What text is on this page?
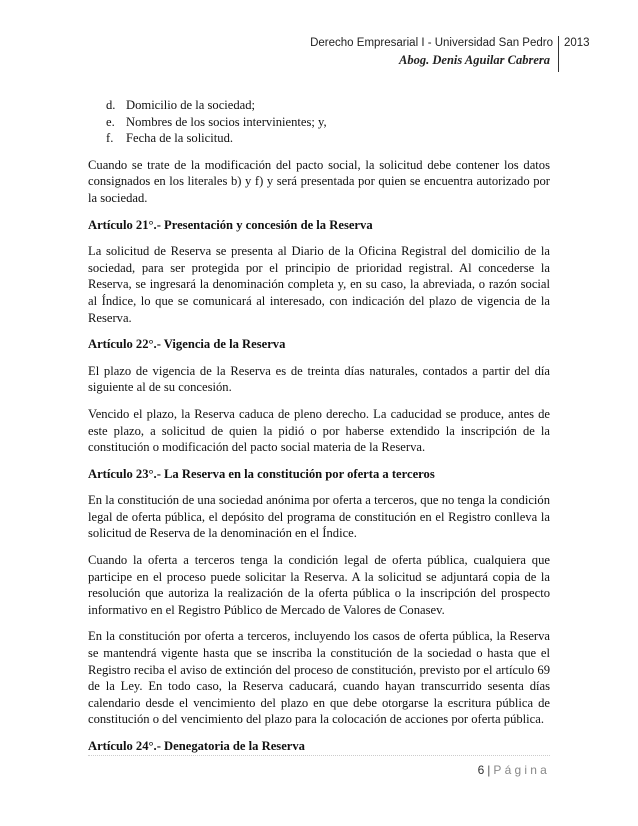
Derecho Empresarial I - Universidad San Pedro
Abog. Denis Aguilar Cabrera
2013
d. Domicilio de la sociedad;
e. Nombres de los socios intervinientes; y,
f.	Fecha de la solicitud.

Cuando se trate de la modificación del pacto social, la solicitud debe contener los datos consignados en los literales b) y f) y será presentada por quien se encuentra autorizado por la sociedad.

Artículo 21°.- Presentación y concesión de la Reserva

La solicitud de Reserva se presenta al Diario de la Oficina Registral del domicilio de la sociedad, para ser protegida por el principio de prioridad registral. Al concederse la Reserva, se ingresará la denominación completa y, en su caso, la abreviada, o razón social al Índice, lo que se comunicará al interesado, con indicación del plazo de vigencia de la Reserva.

Artículo 22°.- Vigencia de la Reserva

El plazo de vigencia de la Reserva es de treinta días naturales, contados a partir del día siguiente al de su concesión.

Vencido el plazo, la Reserva caduca de pleno derecho. La caducidad se produce, antes de este plazo, a solicitud de quien la pidió o por haberse extendido la inscripción de la constitución o modificación del pacto social materia de la Reserva.

Artículo 23°.- La Reserva en la constitución por oferta a terceros

En la constitución de una sociedad anónima por oferta a terceros, que no tenga la condición legal de oferta pública, el depósito del programa de constitución en el Registro conlleva la solicitud de Reserva de la denominación en el Índice.

Cuando la oferta a terceros tenga la condición legal de oferta pública, cualquiera que participe en el proceso puede solicitar la Reserva. A la solicitud se adjuntará copia de la resolución que autoriza la realización de la oferta pública o la inscripción del prospecto informativo en el Registro Público de Mercado de Valores de Conasev.

En la constitución por oferta a terceros, incluyendo los casos de oferta pública, la Reserva se mantendrá vigente hasta que se inscriba la constitución de la sociedad o hasta que el Registro reciba el aviso de extinción del proceso de constitución, previsto por el artículo 69 de la Ley. En todo caso, la Reserva caducará, cuando hayan transcurrido sesenta días calendario desde el vencimiento del plazo en que debe otorgarse la escritura pública de constitución o del vencimiento del plazo para la colocación de acciones por oferta pública.

Artículo 24°.- Denegatoria de la Reserva
6 | Página
